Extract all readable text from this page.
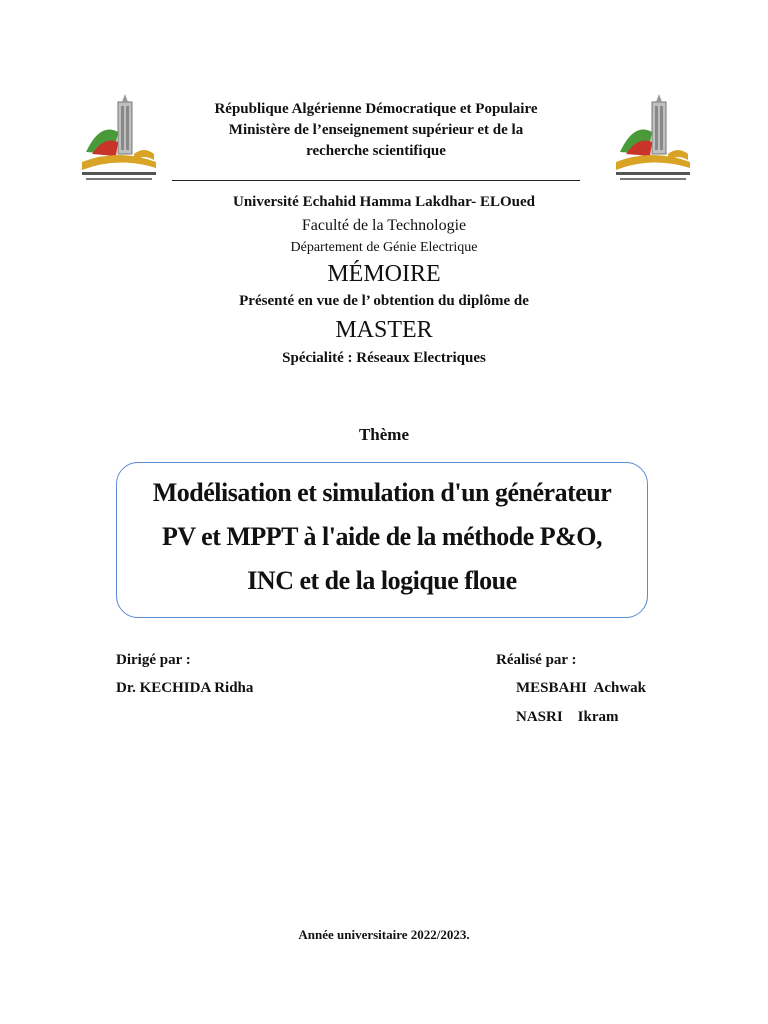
République Algérienne Démocratique et Populaire
Ministère de l’enseignement supérieur et de la
recherche scientifique
Université Echahid Hamma Lakdhar- ELOued
Faculté de la Technologie
Département de Génie Electrique
MÉMOIRE
Présenté en vue de l’ obtention du diplôme de
MASTER
Spécialité : Réseaux Electriques
Thème
Modélisation et simulation d'un générateur
PV et MPPT à l'aide de la méthode P&O,
INC et de la logique floue
Dirigé par :
Dr. KECHIDA Ridha
Réalisé par :
MESBAHI  Achwak
NASRI    Ikram
Année universitaire 2022/2023.
